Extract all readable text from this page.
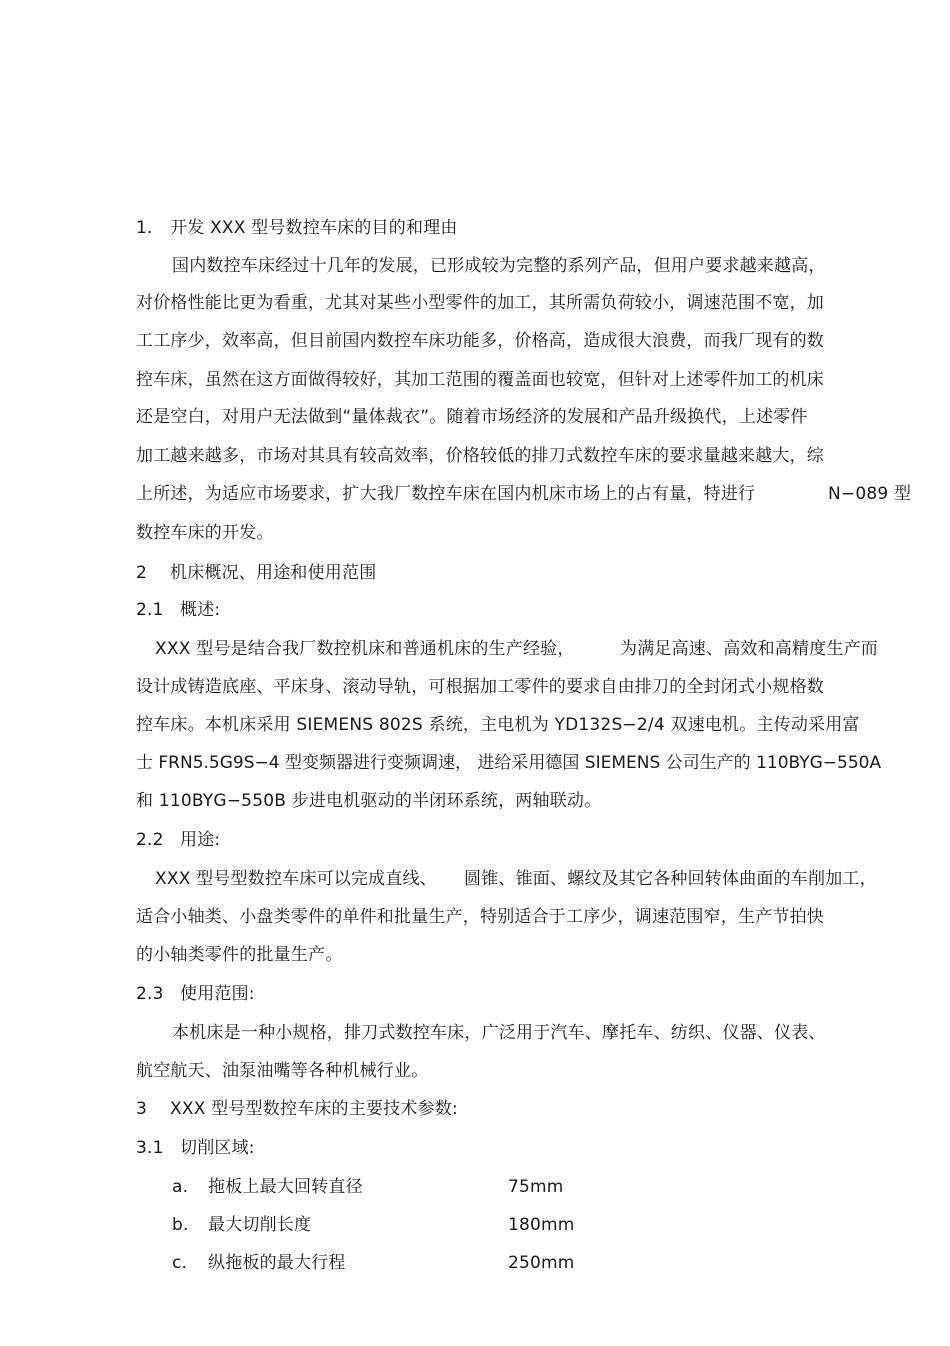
1. 开发 XXX 型号数控车床的目的和理由
国内数控车床经过十几年的发展，已形成较为完整的系列产品，但用户要求越来越高，
对价格性能比更为看重，尤其对某些小型零件的加工，其所需负荷较小，调速范围不宽，加
工工序少，效率高，但目前国内数控车床功能多，价格高，造成很大浪费，而我厂现有的数
控车床，虽然在这方面做得较好，其加工范围的覆盖面也较宽，但针对上述零件加工的机床
还是空白，对用户无法做到“量体裁衣”。随着市场经济的发展和产品升级换代，上述零件
加工越来越多，市场对其具有较高效率，价格较低的排刀式数控车床的要求量越来越大，综
上所述，为适应市场要求，扩大我厂数控车床在国内机床市场上的占有量，特进行	N−089 型
数控车床的开发。
2 机床概况、用途和使用范围
2.1 概述:
XXX 型号是结合我厂数控机床和普通机床的生产经验，	为满足高速、高效和高精度生产而
设计成铸造底座、平床身、滚动导轨，可根据加工零件的要求自由排刀的全封闭式小规格数
控车床。本机床采用 SIEMENS 802S 系统，主电机为 YD132S−2/4 双速电机。主传动采用富
士 FRN5.5G9S−4 型变频器进行变频调速， 进给采用德国 SIEMENS 公司生产的 110BYG−550A
和 110BYG−550B 步进电机驱动的半闭环系统，两轴联动。
2.2 用途:
XXX 型号型数控车床可以完成直线、 圆锥、锥面、螺纹及其它各种回转体曲面的车削加工，
适合小轴类、小盘类零件的单件和批量生产，特别适合于工序少，调速范围窄，生产节拍快
的小轴类零件的批量生产。
2.3 使用范围:
本机床是一种小规格，排刀式数控车床，广泛用于汽车、摩托车、纺织、仪器、仪表、
航空航天、油泵油嘴等各种机械行业。
3 XXX 型号型数控车床的主要技术参数:
3.1 切削区域:
a. 拖板上最大回转直径	75mm
b. 最大切削长度	180mm
c. 纵拖板的最大行程	250mm
